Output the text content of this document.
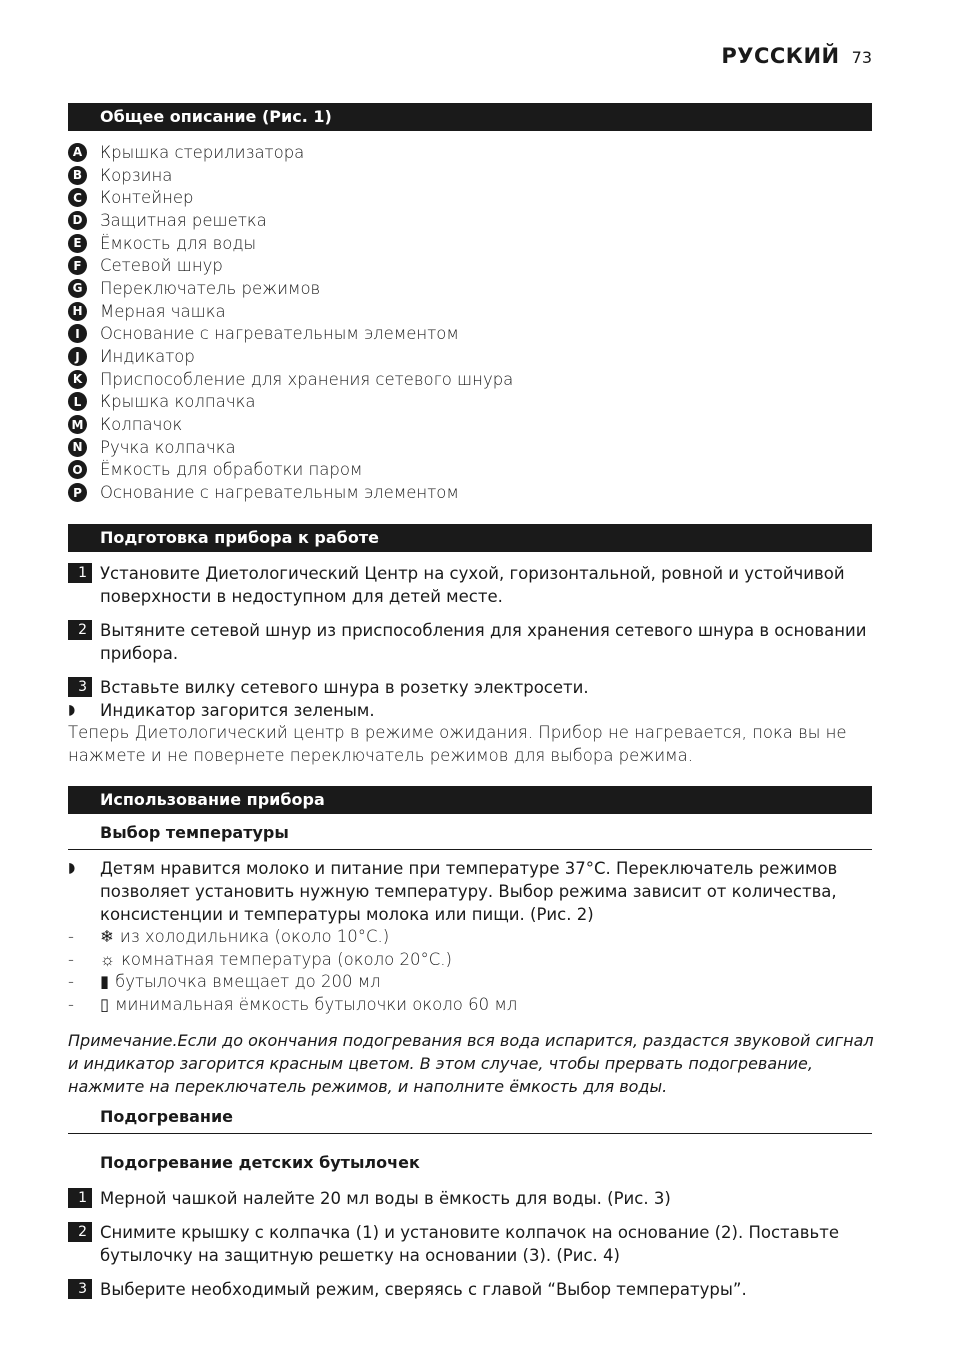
РУССКИЙ 73
Общее описание (Рис. 1)
A Крышка стерилизатора
B Корзина
C	Контейнер
D Защитная решетка
E	Ёмкость для воды
F	Сетевой шнур
G Переключатель режимов
H Мерная чашка
I	Основание с нагревательным элементом
J	Индикатор
K Приспособление для хранения сетевого шнура
L	Крышка колпачка
M Колпачок
N Ручка колпачка
O Ёмкость для обработки паром
P	Основание с нагревательным элементом
Подготовка прибора к работе
1 Установите Диетологический Центр на сухой, горизонтальной, ровной и устойчивой поверхности в недоступном для детей месте.
2 Вытяните сетевой шнур из приспособления для хранения сетевого шнура в основании прибора.
3 Вставьте вилку сетевого шнура в розетку электросети.
◗	Индикатор загорится зеленым.
Теперь Диетологический центр в режиме ожидания. Прибор не нагревается, пока вы не нажмете и не повернете переключатель режимов для выбора режима.
Использование прибора
Выбор температуры
◗	Детям нравится молоко и питание при температуре 37°C. Переключатель режимов позволяет установить нужную температуру. Выбор режима зависит от количества, консистенции и температуры молока или пищи. (Рис. 2)
-	❄ из холодильника (около 10°C.)
-	☼ комнатная температура (около 20°C.)
-	▮ бутылочка вмещает до 200 мл
-	▯ минимальная ёмкость бутылочки около 60 мл
Примечание.Если до окончания подогревания вся вода испарится, раздастся звуковой сигнал и индикатор загорится красным цветом. В этом случае, чтобы прервать подогревание, нажмите на переключатель режимов, и наполните ёмкость для воды.
Подогревание
Подогревание детских бутылочек
1 Мерной чашкой налейте 20 мл воды в ёмкость для воды. (Рис. 3)
2 Снимите крышку с колпачка (1) и установите колпачок на основание (2). Поставьте бутылочку на защитную решетку на основании (3). (Рис. 4)
3 Выберите необходимый режим, сверяясь с главой “Выбор температуры”.
